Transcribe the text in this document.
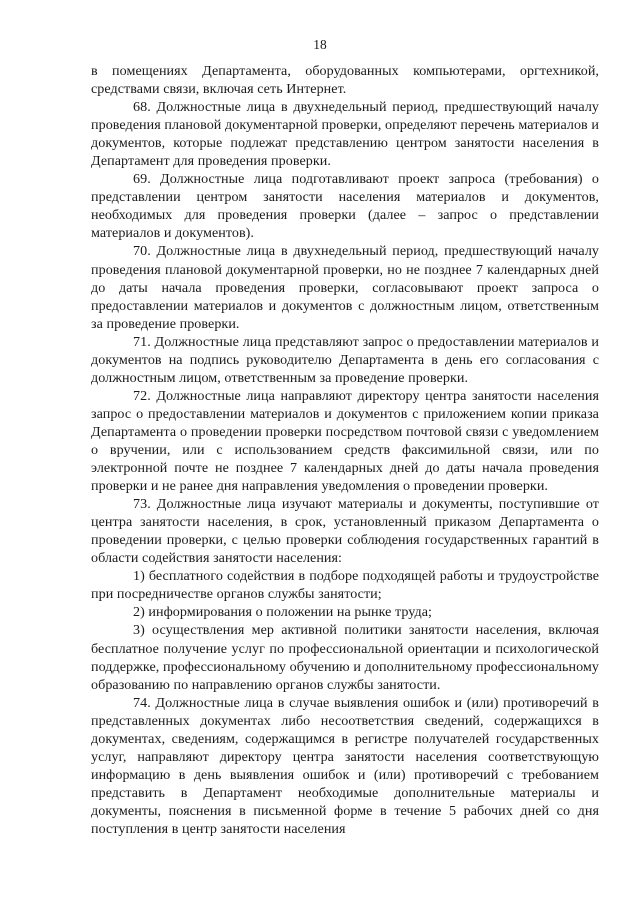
18

в помещениях Департамента, оборудованных компьютерами, оргтехникой, средствами связи, включая сеть Интернет.

68. Должностные лица в двухнедельный период, предшествующий началу проведения плановой документарной проверки, определяют перечень материалов и документов, которые подлежат представлению центром занятости населения в Департамент для проведения проверки.

69. Должностные лица подготавливают проект запроса (требования) о представлении центром занятости населения материалов и документов, необходимых для проведения проверки (далее – запрос о представлении материалов и документов).

70. Должностные лица в двухнедельный период, предшествующий началу проведения плановой документарной проверки, но не позднее 7 календарных дней до даты начала проведения проверки, согласовывают проект запроса о предоставлении материалов и документов с должностным лицом, ответственным за проведение проверки.

71. Должностные лица представляют запрос о предоставлении материалов и документов на подпись руководителю Департамента в день его согласования с должностным лицом, ответственным за проведение проверки.

72. Должностные лица направляют директору центра занятости населения запрос о предоставлении материалов и документов с приложением копии приказа Департамента о проведении проверки посредством почтовой связи с уведомлением о вручении, или с использованием средств факсимильной связи, или по электронной почте не позднее 7 календарных дней до даты начала проведения проверки и не ранее дня направления уведомления о проведении проверки.

73. Должностные лица изучают материалы и документы, поступившие от центра занятости населения, в срок, установленный приказом Департамента о проведении проверки, с целью проверки соблюдения государственных гарантий в области содействия занятости населения:

1) бесплатного содействия в подборе подходящей работы и трудоустройстве при посредничестве органов службы занятости;

2) информирования о положении на рынке труда;

3) осуществления мер активной политики занятости населения, включая бесплатное получение услуг по профессиональной ориентации и психологической поддержке, профессиональному обучению и дополнительному профессиональному образованию по направлению органов службы занятости.

74. Должностные лица в случае выявления ошибок и (или) противоречий в представленных документах либо несоответствия сведений, содержащихся в документах, сведениям, содержащимся в регистре получателей государственных услуг, направляют директору центра занятости населения соответствующую информацию в день выявления ошибок и (или) противоречий с требованием представить в Департамент необходимые дополнительные материалы и документы, пояснения в письменной форме в течение 5 рабочих дней со дня поступления в центр занятости населения
